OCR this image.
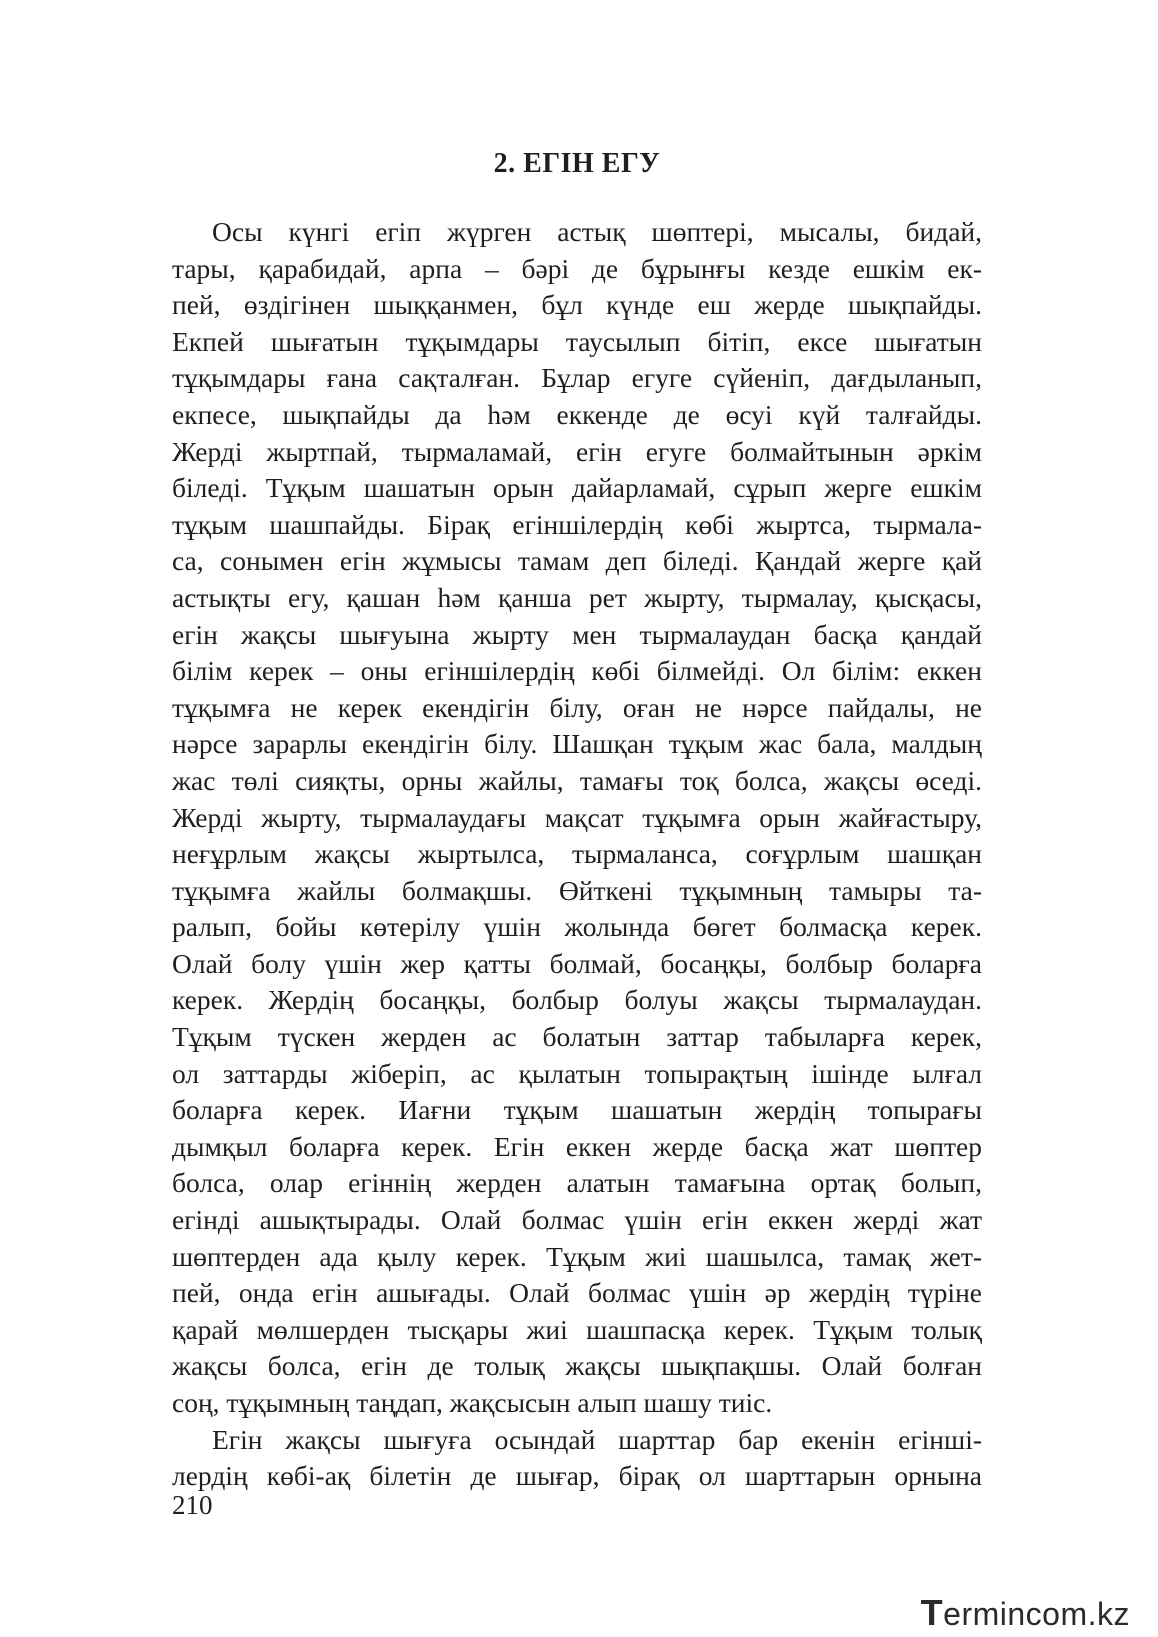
2. ЕГІН ЕГУ
Осы күнгі егіп жүрген астық шөптері, мысалы, бидай,
тары, қарабидай, арпа – бәрі де бұрынғы кезде ешкім ек-
пей, өздігінен шыққанмен, бұл күнде еш жерде шықпайды.
Екпей шығатын тұқымдары таусылып бітіп, екce шығатын
тұқымдары ғана сақталған. Бұлар егуге сүйеніп, дағдыланып,
екпесе, шықпайды да һәм еккенде де өсуі күй талғайды.
Жерді жыртпай, тырмаламай, егін егуге болмайтынын әркім
біледі. Тұқым шашатын орын дайарламай, сұрып жерге ешкім
тұқым шашпайды. Бірақ егіншілердің көбі жыртса, тырмала-
са, сонымен егін жұмысы тамам деп біледі. Қандай жерге қай
астықты егу, қашан һәм қанша рет жырту, тырмалау, қысқасы,
егін жақсы шығуына жырту мен тырмалаудан басқа қандай
білім керек – оны егіншілердің көбі білмейді. Ол білім: еккен
тұқымға не керек екендігін білу, оған не нәрсе пайдалы, не
нәрсе зарарлы екендігін білу. Шашқан тұқым жас бала, малдың
жас төлі сияқты, орны жайлы, тамағы тоқ болса, жақсы өседі.
Жерді жырту, тырмалаудағы мақсат тұқымға орын жайғастыру,
неғұрлым жақсы жыртылса, тырмаланса, соғұрлым шашқан
тұқымға жайлы болмақшы. Өйткені тұқымның тамыры та-
ралып, бойы көтерілу үшін жолында бөгет болмасқа керек.
Олай болу үшін жер қатты болмай, босаңқы, болбыр боларға
керек. Жердің босаңқы, болбыр болуы жақсы тырмалаудан.
Тұқым түскен жерден ас болатын заттар табыларға керек,
ол заттарды жіберіп, ас қылатын топырақтың ішінде ылғал
боларға керек. Иағни тұқым шашатын жердің топырағы
дымқыл боларға керек. Егін еккен жерде басқа жат шөптер
болса, олар егіннің жерден алатын тамағына ортақ болып,
егінді ашықтырады. Олай болмас үшін егін еккен жерді жат
шөптерден ада қылу керек. Тұқым жиі шашылса, тамақ жет-
пей, онда егін ашығады. Олай болмас үшін әр жердің түріне
қарай мөлшерден тысқары жиі шашпасқа керек. Тұқым толық
жақсы болса, егін де толық жақсы шықпақшы. Олай болған
соң, тұқымның таңдап, жақсысын алып шашу тиіс.
Егін жақсы шығуға осындай шарттар бар екенін егінші-
лердің көбі-ақ білетін де шығар, бірақ ол шарттарын орнына
210
Termincom.kz
